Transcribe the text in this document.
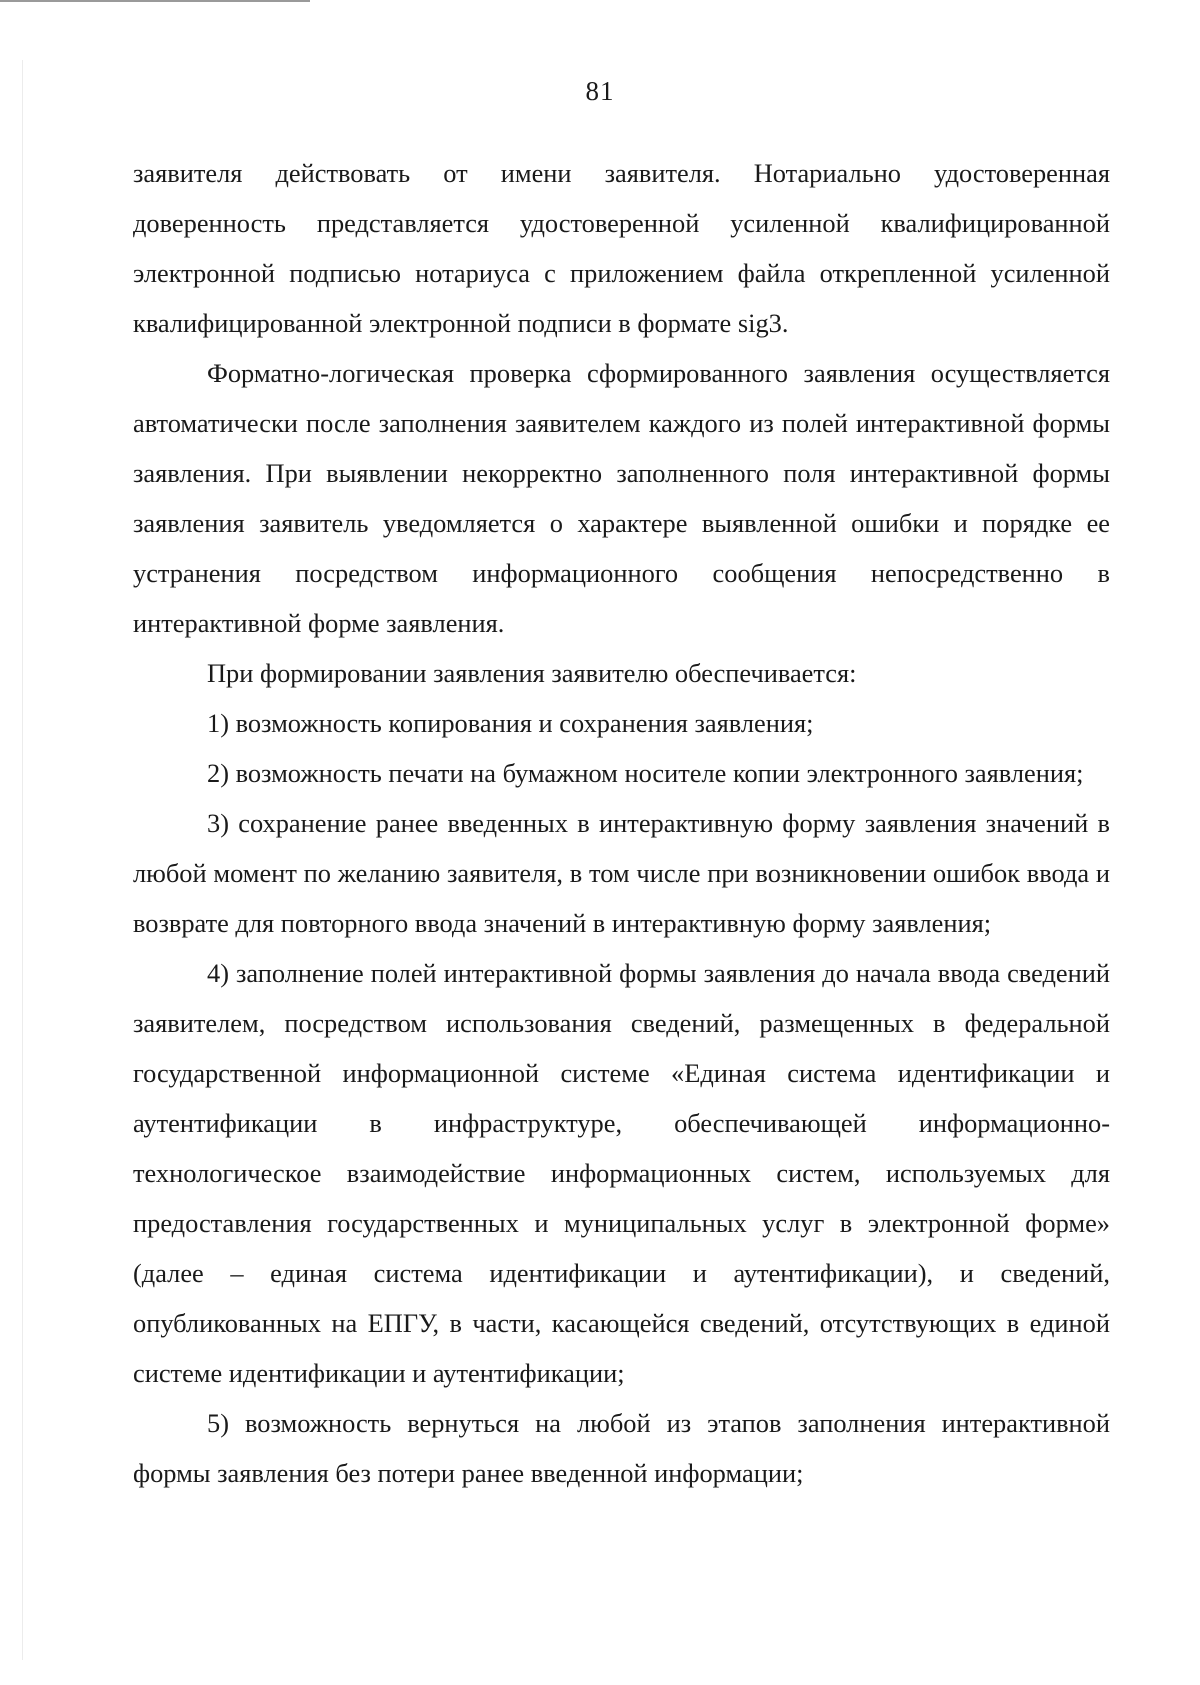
81

заявителя действовать от имени заявителя. Нотариально удостоверенная доверенность представляется удостоверенной усиленной квалифицированной электронной подписью нотариуса с приложением файла открепленной усиленной квалифицированной электронной подписи в формате sig3.

Форматно-логическая проверка сформированного заявления осуществляется автоматически после заполнения заявителем каждого из полей интерактивной формы заявления. При выявлении некорректно заполненного поля интерактивной формы заявления заявитель уведомляется о характере выявленной ошибки и порядке ее устранения посредством информационного сообщения непосредственно в интерактивной форме заявления.

При формировании заявления заявителю обеспечивается:

1) возможность копирования и сохранения заявления;

2) возможность печати на бумажном носителе копии электронного заявления;

3) сохранение ранее введенных в интерактивную форму заявления значений в любой момент по желанию заявителя, в том числе при возникновении ошибок ввода и возврате для повторного ввода значений в интерактивную форму заявления;

4) заполнение полей интерактивной формы заявления до начала ввода сведений заявителем, посредством использования сведений, размещенных в федеральной государственной информационной системе «Единая система идентификации и аутентификации в инфраструктуре, обеспечивающей информационно-технологическое взаимодействие информационных систем, используемых для предоставления государственных и муниципальных услуг в электронной форме» (далее – единая система идентификации и аутентификации), и сведений, опубликованных на ЕПГУ, в части, касающейся сведений, отсутствующих в единой системе идентификации и аутентификации;

5) возможность вернуться на любой из этапов заполнения интерактивной формы заявления без потери ранее введенной информации;
